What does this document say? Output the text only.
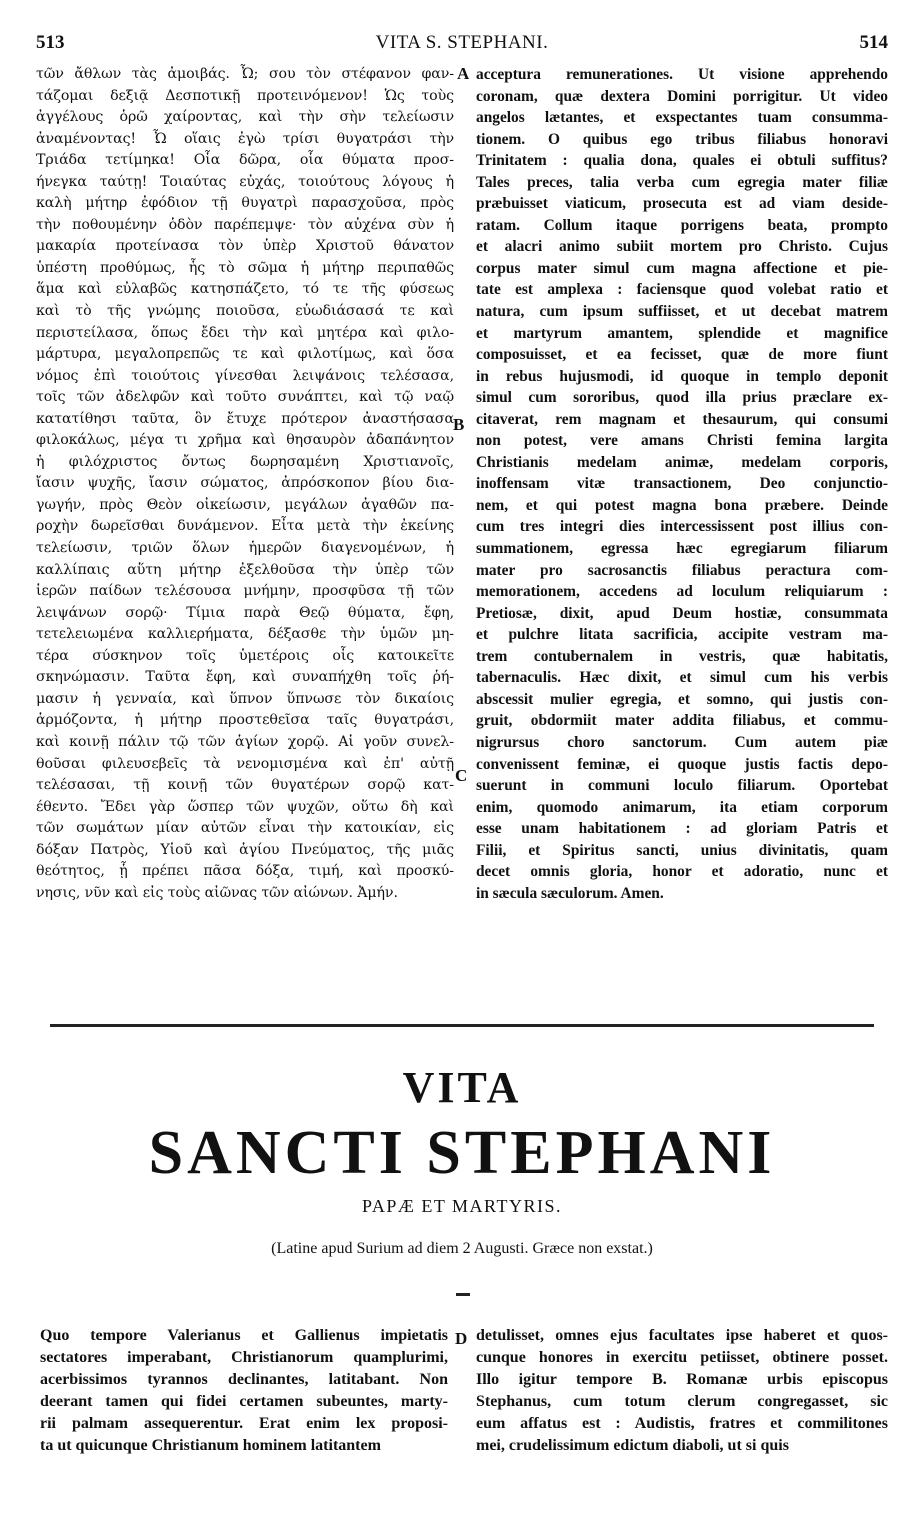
513	VITA S. STEPHANI.	514
A
B
C
D
τῶν ἄθλων τὰς ἀμοιβάς. Ὦ; σου τὸν στέφανον φαν-
τάζομαι δεξιᾷ Δεσποτικῇ προτεινόμενον! Ὡς τοὺς
ἀγγέλους ὁρῶ χαίροντας, καὶ τὴν σὴν τελείωσιν
ἀναμένοντας! Ὦ οἵαις ἐγὼ τρίσι θυγατράσι τὴν
Τριάδα τετίμηκα! Οἷα δῶρα, οἷα θύματα προσ-
ήνεγκα ταύτῃ! Τοιαύτας εὐχάς, τοιούτους λόγους ἡ
καλὴ μήτηρ ἐφόδιον τῇ θυγατρὶ παρασχοῦσα, πρὸς
τὴν ποθουμένην ὁδὸν παρέπεμψε· τὸν αὐχένα σὺν ἡ
μακαρία προτείνασα τὸν ὑπὲρ Χριστοῦ θάνατον
ὑπέστη προθύμως, ἧς τὸ σῶμα ἡ μήτηρ περιπαθῶς
ἅμα καὶ εὐλαβῶς κατησπάζετο, τό τε τῆς φύσεως
καὶ τὸ τῆς γνώμης ποιοῦσα, εὐωδιάσασά τε καὶ
περιστείλασα, ὅπως ἔδει τὴν καὶ μητέρα καὶ φιλο-
μάρτυρα, μεγαλοπρεπῶς τε καὶ φιλοτίμως, καὶ ὅσα
νόμος ἐπὶ τοιούτοις γίνεσθαι λειψάνοις τελέσασα,
τοῖς τῶν ἀδελφῶν καὶ τοῦτο συνάπτει, καὶ τῷ ναῷ
κατατίθησι ταῦτα, ὃν ἔτυχε πρότερον ἀναστήσασα
φιλοκάλως, μέγα τι χρῆμα καὶ θησαυρὸν ἀδαπάνητον
ἡ φιλόχριστος ὄντως δωρησαμένη Χριστιανοῖς,
ἴασιν ψυχῆς, ἴασιν σώματος, ἀπρόσκοπον βίου δια-
γωγήν, πρὸς Θεὸν οἰκείωσιν, μεγάλων ἀγαθῶν πα-
ροχὴν δωρεῖσθαι δυνάμενον. Εἶτα μετὰ τὴν ἐκείνης
τελείωσιν, τριῶν ὅλων ἡμερῶν διαγενομένων, ἡ
καλλίπαις αὕτη μήτηρ ἐξελθοῦσα τὴν ὑπὲρ τῶν
ἱερῶν παίδων τελέσουσα μνήμην, προσφῦσα τῇ τῶν
λειψάνων σορῷ· Τίμια παρὰ Θεῷ θύματα, ἔφη,
τετελειωμένα καλλιερήματα, δέξασθε τὴν ὑμῶν μη-
τέρα σύσκηνον τοῖς ὑμετέροις οἷς κατοικεῖτε
σκηνώμασιν. Ταῦτα ἔφη, καὶ συναπήχθη τοῖς ῥή-
μασιν ἡ γενναία, καὶ ὕπνον ὕπνωσε τὸν δικαίοις
ἁρμόζοντα, ἡ μήτηρ προστεθεῖσα ταῖς θυγατράσι,
καὶ κοινῇ πάλιν τῷ τῶν ἁγίων χορῷ. Αἱ γοῦν συνελ-
θοῦσαι φιλευσεβεῖς τὰ νενομισμένα καὶ ἐπ' αὐτῇ
τελέσασαι, τῇ κοινῇ τῶν θυγατέρων σορῷ κατ-
έθεντο. Ἔδει γὰρ ὥσπερ τῶν ψυχῶν, οὕτω δὴ καὶ
τῶν σωμάτων μίαν αὐτῶν εἶναι τὴν κατοικίαν, εἰς
δόξαν Πατρὸς, Υἱοῦ καὶ ἁγίου Πνεύματος, τῆς μιᾶς
θεότητος, ᾗ πρέπει πᾶσα δόξα, τιμή, καὶ προσκύ-
νησις, νῦν καὶ εἰς τοὺς αἰῶνας τῶν αἰώνων. Ἀμήν.
acceptura remunerationes. Ut visione apprehendo
coronam, quæ dextera Domini porrigitur. Ut video
angelos lætantes, et exspectantes tuam consumma-
tionem. O quibus ego tribus filiabus honoravi
Trinitatem : qualia dona, quales ei obtuli suffitus?
Tales preces, talia verba cum egregia mater filiæ
præbuisset viaticum, prosecuta est ad viam deside-
ratam. Collum itaque porrigens beata, prompto
et alacri animo subiit mortem pro Christo. Cujus
corpus mater simul cum magna affectione et pie-
tate est amplexa : faciensque quod volebat ratio et
natura, cum ipsum suffiisset, et ut decebat matrem
et martyrum amantem, splendide et magnifice
composuisset, et ea fecisset, quæ de more fiunt
in rebus hujusmodi, id quoque in templo deponit
simul cum sororibus, quod illa prius præclare ex-
citaverat, rem magnam et thesaurum, qui consumi
non potest, vere amans Christi femina largita
Christianis medelam animæ, medelam corporis,
inoffensam vitæ transactionem, Deo conjunctio-
nem, et qui potest magna bona præbere. Deinde
cum tres integri dies intercessissent post illius con-
summationem, egressa hæc egregiarum filiarum
mater pro sacrosanctis filiabus peractura com-
memorationem, accedens ad loculum reliquiarum :
Pretiosæ, dixit, apud Deum hostiæ, consummata
et pulchre litata sacrificia, accipite vestram ma-
trem contubernalem in vestris, quæ habitatis,
tabernaculis. Hæc dixit, et simul cum his verbis
abscessit mulier egregia, et somno, qui justis con-
gruit, obdormiit mater addita filiabus, et commu-
nigrursus choro sanctorum. Cum autem piæ
convenissent feminæ, ei quoque justis factis depo-
suerunt in communi loculo filiarum. Oportebat
enim, quomodo animarum, ita etiam corporum
esse unam habitationem : ad gloriam Patris et
Filii, et Spiritus sancti, unius divinitatis, quam
decet omnis gloria, honor et adoratio, nunc et
in sæcula sæculorum. Amen.
VITA
SANCTI STEPHANI
PAPÆ ET MARTYRIS.
(Latine apud Surium ad diem 2 Augusti. Græce non exstat.)
Quo tempore Valerianus et Gallienus impietatis
sectatores imperabant, Christianorum quamplurimi,
acerbissimos tyrannos declinantes, latitabant. Non
deerant tamen qui fidei certamen subeuntes, marty-
rii palmam assequerentur. Erat enim lex proposi-
ta ut quicunque Christianum hominem latitantem
detulisset, omnes ejus facultates ipse haberet et quos-
cunque honores in exercitu petiisset, obtinere posset.
Illo igitur tempore B. Romanæ urbis episcopus
Stephanus, cum totum clerum congregasset, sic
eum affatus est : Audistis, fratres et commilitones
mei, crudelissimum edictum diaboli, ut si quis
